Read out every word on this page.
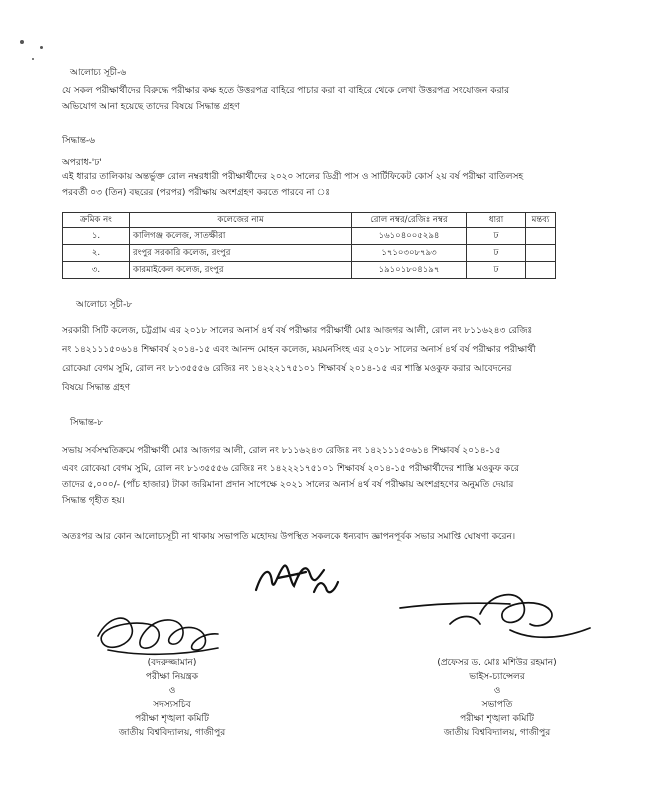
আলোচ্য সূচী-৬
যে সকল পরীক্ষার্থীদের বিরুদ্ধে পরীক্ষার কক্ষ হতে উত্তরপত্র বাহিরে পাচার করা বা বাহিরে থেকে লেখা উত্তরপত্র সংযোজন করার
অভিযোগ আনা হয়েছে তাদের বিষয়ে সিদ্ধান্ত গ্রহণ
সিদ্ধান্ত-৬
অপরাধ-'ঢ'
এই ধারার তালিকায় অন্তর্ভুক্ত রোল নম্বরধারী পরীক্ষার্থীদের ২০২০ সালের ডিগ্রী পাস ও সার্টিফিকেট কোর্স ২য় বর্ষ পরীক্ষা বাতিলসহ
পরবর্তী ০৩ (তিন) বছরের (পরপর) পরীক্ষায় অংশগ্রহণ করতে পারবে না ঃ
ক্রমিক নং	কলেজের নাম	রোল নম্বর/রেজিঃ নম্বর	ধারা	মন্তব্য
১.	কালিগঞ্জ কলেজ, সাতক্ষীরা	১৬১০৪০০৫২৯৪	ঢ	
২.	রংপুর সরকারি কলেজ, রংপুর	১৭১০৩০৮৭৯৩	ঢ	
৩.	কারমাইকেল কলেজ, রংপুর	১৯১০১৮০৪১৯৭	ঢ	
আলোচ্য সূচী-৮
সরকারী সিটি কলেজ, চট্টগ্রাম এর ২০১৮ সালের অনার্স ৪র্থ বর্ষ পরীক্ষার পরীক্ষার্থী মোঃ আজগর আলী, রোল নং ৮১১৬২৪৩ রেজিঃ
নং ১৪২১১১৫০৬১৪ শিক্ষাবর্ষ ২০১৪-১৫ এবং আনন্দ মোহন কলেজ, ময়মনসিংহ এর ২০১৮ সালের অনার্স ৪র্থ বর্ষ পরীক্ষার পরীক্ষার্থী
রোকেয়া বেগম সুমি, রোল নং ৮১৩৫৫৫৬ রেজিঃ নং ১৪২২২১৭৫১০১ শিক্ষাবর্ষ ২০১৪-১৫ এর শাস্তি মওকুফ করার আবেদনের
বিষয়ে সিদ্ধান্ত গ্রহণ
সিদ্ধান্ত-৮
সভায় সর্বসম্মতিক্রমে পরীক্ষার্থী মোঃ আজগর আলী, রোল নং ৮১১৬২৪৩ রেজিঃ নং ১৪২১১১৫০৬১৪ শিক্ষাবর্ষ ২০১৪-১৫
এবং রোকেয়া বেগম সুমি, রোল নং ৮১৩৫৫৫৬ রেজিঃ নং ১৪২২২১৭৫১০১ শিক্ষাবর্ষ ২০১৪-১৫ পরীক্ষার্থীদের শাস্তি মওকুফ করে
তাদের ৫,০০০/- (পাঁচ হাজার) টাকা জরিমানা প্রদান সাপেক্ষে ২০২১ সালের অনার্স ৪র্থ বর্ষ পরীক্ষায় অংশগ্রহণের অনুমতি দেয়ার
সিদ্ধান্ত গৃহীত হয়।
অতঃপর আর কোন আলোচ্যসূচী না থাকায় সভাপতি মহোদয় উপস্থিত সকলকে ধন্যবাদ জ্ঞাপনপূর্বক সভার সমাপ্তি ঘোষণা করেন।
(বদরুজ্জামান)
পরীক্ষা নিয়ন্ত্রক
ও
সদস্যসচিব
পরীক্ষা শৃঙ্খলা কমিটি
জাতীয় বিশ্ববিদ্যালয়, গাজীপুর
(প্রফেসর ড. মোঃ মশিউর রহমান)
ভাইস-চ্যান্সেলর
ও
সভাপতি
পরীক্ষা শৃঙ্খলা কমিটি
জাতীয় বিশ্ববিদ্যালয়, গাজীপুর
